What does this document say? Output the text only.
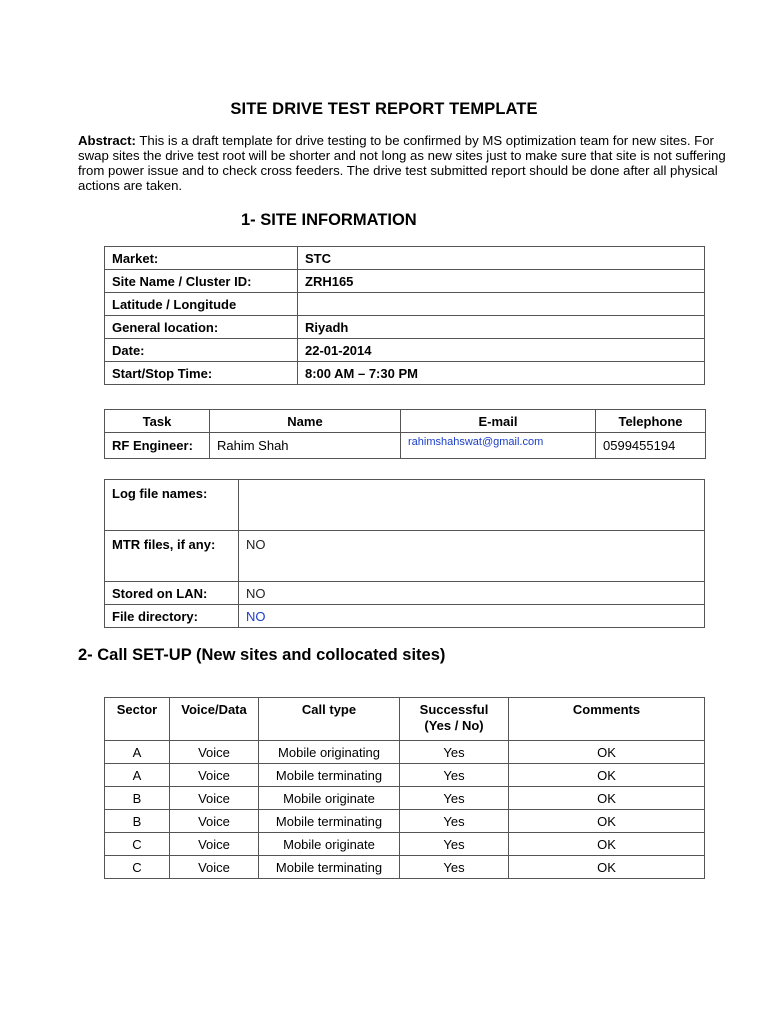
SITE DRIVE TEST REPORT TEMPLATE
Abstract: This is a draft template for drive testing to be confirmed by MS optimization team for new sites. For swap sites the drive test root will be shorter and not long as new sites just to make sure that site is not suffering from power issue and to check cross feeders. The drive test submitted report should be done after all physical actions are taken.
1- SITE INFORMATION
Market:	STC
Site Name / Cluster ID:	ZRH165
Latitude / Longitude	
General location:	Riyadh
Date:	22-01-2014
Start/Stop Time:	8:00 AM – 7:30 PM
Task	Name	E-mail	Telephone
RF Engineer:	Rahim Shah	rahimshahswat@gmail.com	0599455194
Log file names:	
MTR files, if any:	NO
Stored on LAN:	NO
File directory:	NO
2- Call SET-UP (New sites and collocated sites)
Sector	Voice/Data	Call type	Successful
(Yes / No)	Comments
A	Voice	Mobile originating	Yes	OK
A	Voice	Mobile terminating	Yes	OK
B	Voice	Mobile originate	Yes	OK
B	Voice	Mobile terminating	Yes	OK
C	Voice	Mobile originate	Yes	OK
C	Voice	Mobile terminating	Yes	OK
